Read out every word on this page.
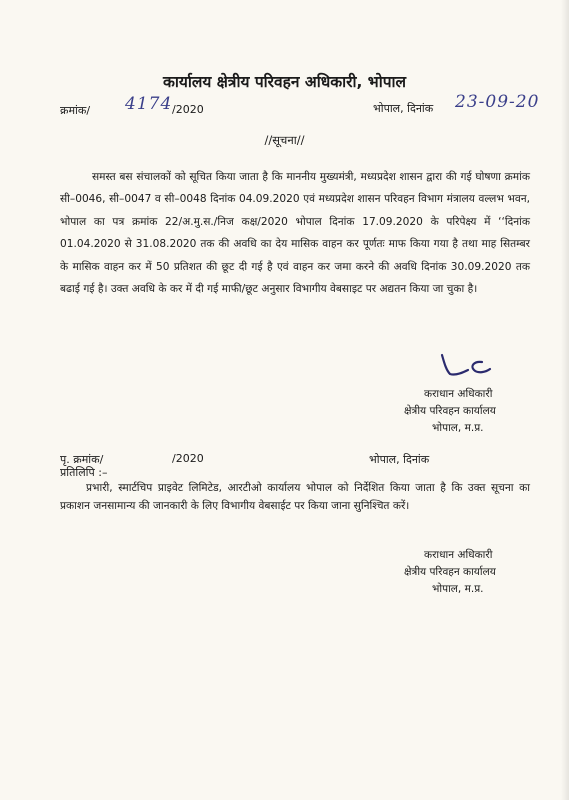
कार्यालय क्षेत्रीय परिवहन अधिकारी, भोपाल
क्रमांक/ 4174 /2020	भोपाल, दिनांक 23-09-20
//सूचना//

समस्त बस संचालकों को सूचित किया जाता है कि माननीय मुख्यमंत्री, मध्यप्रदेश शासन द्वारा की गई घोषणा क्रमांक सी–0046, सी–0047 व सी–0048 दिनांक 04.09.2020 एवं मध्यप्रदेश शासन परिवहन विभाग मंत्रालय वल्लभ भवन, भोपाल का पत्र क्रमांक 22/अ.मु.स./निज कक्ष/2020 भोपाल दिनांक 17.09.2020 के परिपेक्ष्य में ‘‘दिनांक 01.04.2020 से 31.08.2020 तक की अवधि का देय मासिक वाहन कर पूर्णतः माफ किया गया है तथा माह सितम्बर के मासिक वाहन कर में 50 प्रतिशत की छूट दी गई है एवं वाहन कर जमा करने की अवधि दिनांक 30.09.2020 तक बढाई गई है। उक्त अवधि के कर में दी गई माफी/छूट अनुसार विभागीय वेबसाइट पर अद्यतन किया जा चुका है।

कराधान अधिकारी
क्षेत्रीय परिवहन कार्यालय
भोपाल, म.प्र.
पृ. क्रमांक/	/2020	भोपाल, दिनांक
प्रतिलिपि :–

प्रभारी, स्मार्टचिप प्राइवेट लिमिटेड, आरटीओ कार्यालय भोपाल को निर्देशित किया जाता है कि उक्त सूचना का प्रकाशन जनसामान्य की जानकारी के लिए विभागीय वेबसाईट पर किया जाना सुनिश्चित करें।

कराधान अधिकारी
क्षेत्रीय परिवहन कार्यालय
भोपाल, म.प्र.
